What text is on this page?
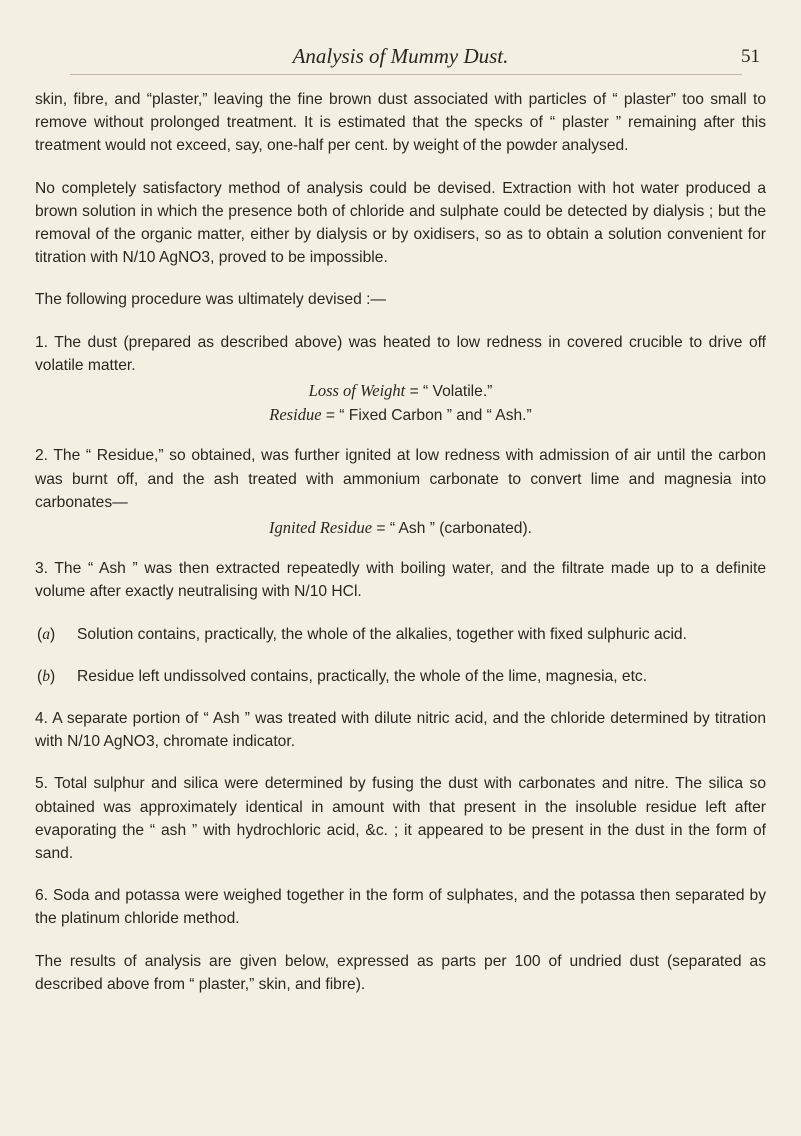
Analysis of Mummy Dust.	51

skin, fibre, and “plaster,” leaving the fine brown dust associated with particles of “ plaster” too small to remove without prolonged treatment. It is estimated that the specks of “ plaster ” remaining after this treatment would not exceed, say, one-half per cent. by weight of the powder analysed.

No completely satisfactory method of analysis could be devised. Extraction with hot water produced a brown solution in which the presence both of chloride and sulphate could be detected by dialysis ; but the removal of the organic matter, either by dialysis or by oxidisers, so as to obtain a solution convenient for titration with N/10 AgNO3, proved to be impossible.

The following procedure was ultimately devised :—

1. The dust (prepared as described above) was heated to low redness in covered crucible to drive off volatile matter.

Loss of Weight = “ Volatile.”

Residue = “ Fixed Carbon ” and “ Ash.”

2. The “ Residue,” so obtained, was further ignited at low redness with admission of air until the carbon was burnt off, and the ash treated with ammonium carbonate to convert lime and magnesia into carbonates—

Ignited Residue = “ Ash ” (carbonated).

3. The “ Ash ” was then extracted repeatedly with boiling water, and the filtrate made up to a definite volume after exactly neutralising with N/10 HCl.

(a)	Solution contains, practically, the whole of the alkalies, together with fixed sulphuric acid.
(b)	Residue left undissolved contains, practically, the whole of the lime, magnesia, etc.

4. A separate portion of “ Ash ” was treated with dilute nitric acid, and the chloride determined by titration with N/10 AgNO3, chromate indicator.

5. Total sulphur and silica were determined by fusing the dust with carbonates and nitre. The silica so obtained was approximately identical in amount with that present in the insoluble residue left after evaporating the “ ash ” with hydrochloric acid, &c. ; it appeared to be present in the dust in the form of sand.

6. Soda and potassa were weighed together in the form of sulphates, and the potassa then separated by the platinum chloride method.

The results of analysis are given below, expressed as parts per 100 of undried dust (separated as described above from “ plaster,” skin, and fibre).
